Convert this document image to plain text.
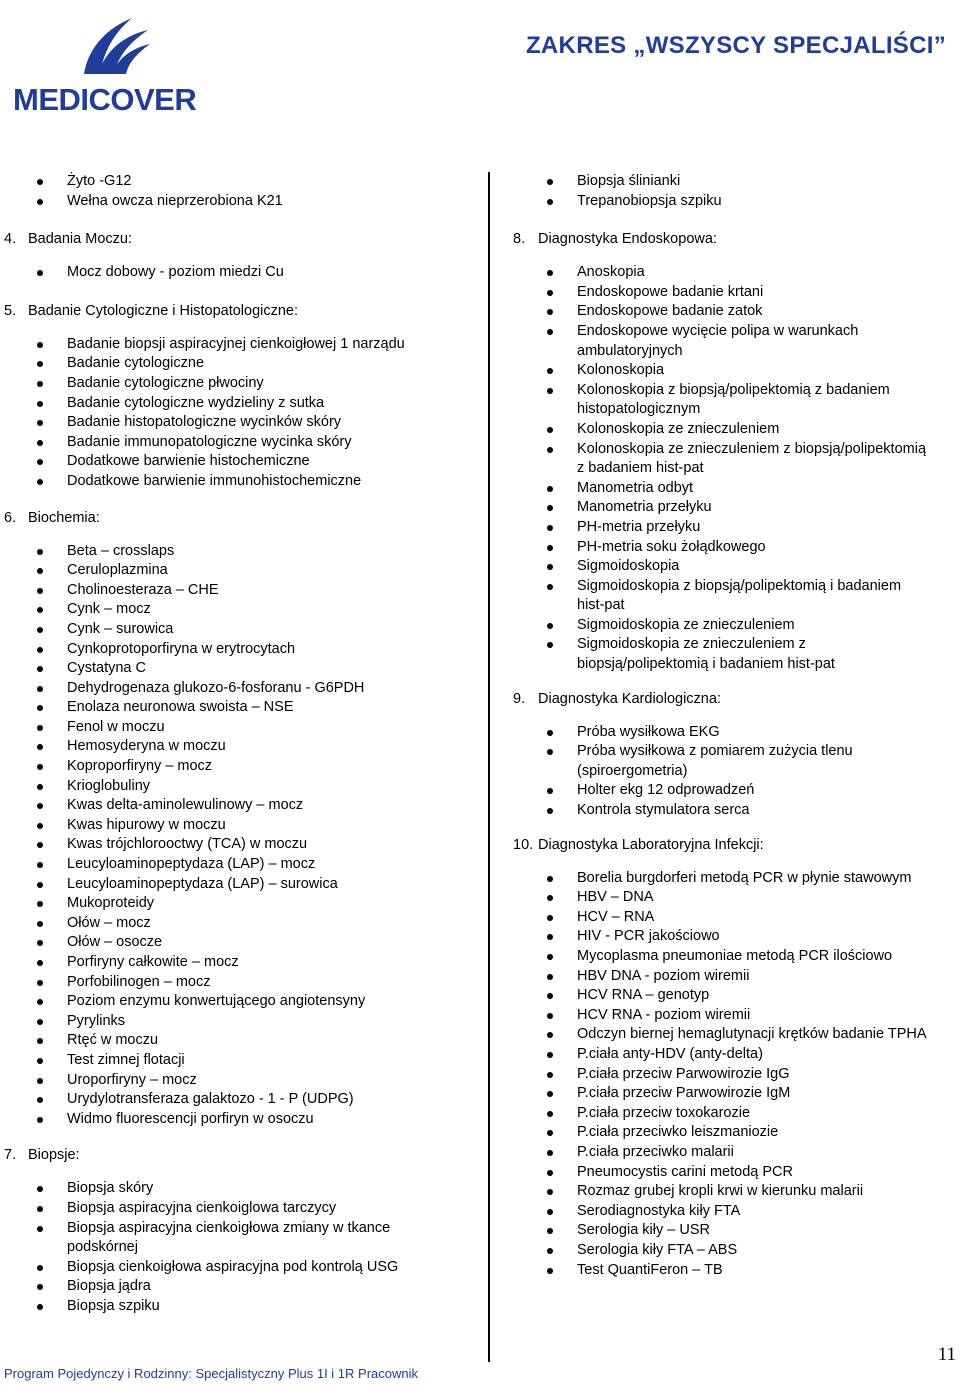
MEDICOVER
ZAKRES „WSZYSCY SPECJALIŚCI”
Żyto -G12
Wełna owcza nieprzerobiona K21
4. Badania Moczu:
Mocz dobowy - poziom miedzi Cu
5. Badanie Cytologiczne i Histopatologiczne:
Badanie biopsji aspiracyjnej cienkoigłowej 1 narządu
Badanie cytologiczne
Badanie cytologiczne płwociny
Badanie cytologiczne wydzieliny z sutka
Badanie histopatologiczne wycinków skóry
Badanie immunopatologiczne wycinka skóry
Dodatkowe barwienie histochemiczne
Dodatkowe barwienie immunohistochemiczne
6. Biochemia:
Beta – crosslaps
Ceruloplazmina
Cholinoesteraza – CHE
Cynk – mocz
Cynk – surowica
Cynkoprotoporfiryna w erytrocytach
Cystatyna C
Dehydrogenaza glukozo-6-fosforanu - G6PDH
Enolaza neuronowa swoista – NSE
Fenol w moczu
Hemosyderyna w moczu
Koproporfiryny – mocz
Krioglobuliny
Kwas delta-aminolewulinowy – mocz
Kwas hipurowy w moczu
Kwas trójchlorooctwy (TCA) w moczu
Leucyloaminopeptydaza (LAP) – mocz
Leucyloaminopeptydaza (LAP) – surowica
Mukoproteidy
Ołów – mocz
Ołów – osocze
Porfiryny całkowite – mocz
Porfobilinogen – mocz
Poziom enzymu konwertującego angiotensyny
Pyrylinks
Rtęć w moczu
Test zimnej flotacji
Uroporfiryny – mocz
Urydylotransferaza galaktozo - 1 - P (UDPG)
Widmo fluorescencji porfiryn w osoczu
7. Biopsje:
Biopsja skóry
Biopsja aspiracyjna cienkoiglowa tarczycy
Biopsja aspiracyjna cienkoigłowa zmiany w tkance podskórnej
Biopsja cienkoigłowa aspiracyjna pod kontrolą USG
Biopsja jądra
Biopsja szpiku
Biopsja ślinianki
Trepanobiopsja szpiku
8. Diagnostyka Endoskopowa:
Anoskopia
Endoskopowe badanie krtani
Endoskopowe badanie zatok
Endoskopowe wycięcie polipa w warunkach ambulatoryjnych
Kolonoskopia
Kolonoskopia z biopsją/polipektomią z badaniem histopatologicznym
Kolonoskopia ze znieczuleniem
Kolonoskopia ze znieczuleniem z biopsją/polipektomią z badaniem hist-pat
Manometria odbyt
Manometria przełyku
PH-metria przełyku
PH-metria soku żołądkowego
Sigmoidoskopia
Sigmoidoskopia z biopsją/polipektomią i badaniem hist-pat
Sigmoidoskopia ze znieczuleniem
Sigmoidoskopia ze znieczuleniem z biopsją/polipektomią i badaniem hist-pat
9. Diagnostyka Kardiologiczna:
Próba wysiłkowa EKG
Próba wysiłkowa z pomiarem zużycia tlenu (spiroergometria)
Holter ekg 12 odprowadzeń
Kontrola stymulatora serca
10. Diagnostyka Laboratoryjna Infekcji:
Borelia burgdorferi metodą PCR w płynie stawowym
HBV – DNA
HCV – RNA
HIV - PCR jakościowo
Mycoplasma pneumoniae metodą PCR ilościowo
HBV DNA - poziom wiremii
HCV RNA – genotyp
HCV RNA - poziom wiremii
Odczyn biernej hemaglutynacji krętków badanie TPHA
P.ciała anty-HDV (anty-delta)
P.ciała przeciw Parwowirozie IgG
P.ciała przeciw Parwowirozie IgM
P.ciała przeciw toxokarozie
P.ciała przeciwko leiszmaniozie
P.ciała przeciwko malarii
Pneumocystis carini metodą PCR
Rozmaz grubej kropli krwi w kierunku malarii
Serodiagnostyka kiły FTA
Serologia kiły – USR
Serologia kiły FTA – ABS
Test QuantiFeron – TB
Program Pojedynczy i Rodzinny: Specjalistyczny Plus 1I i 1R Pracownik
11
